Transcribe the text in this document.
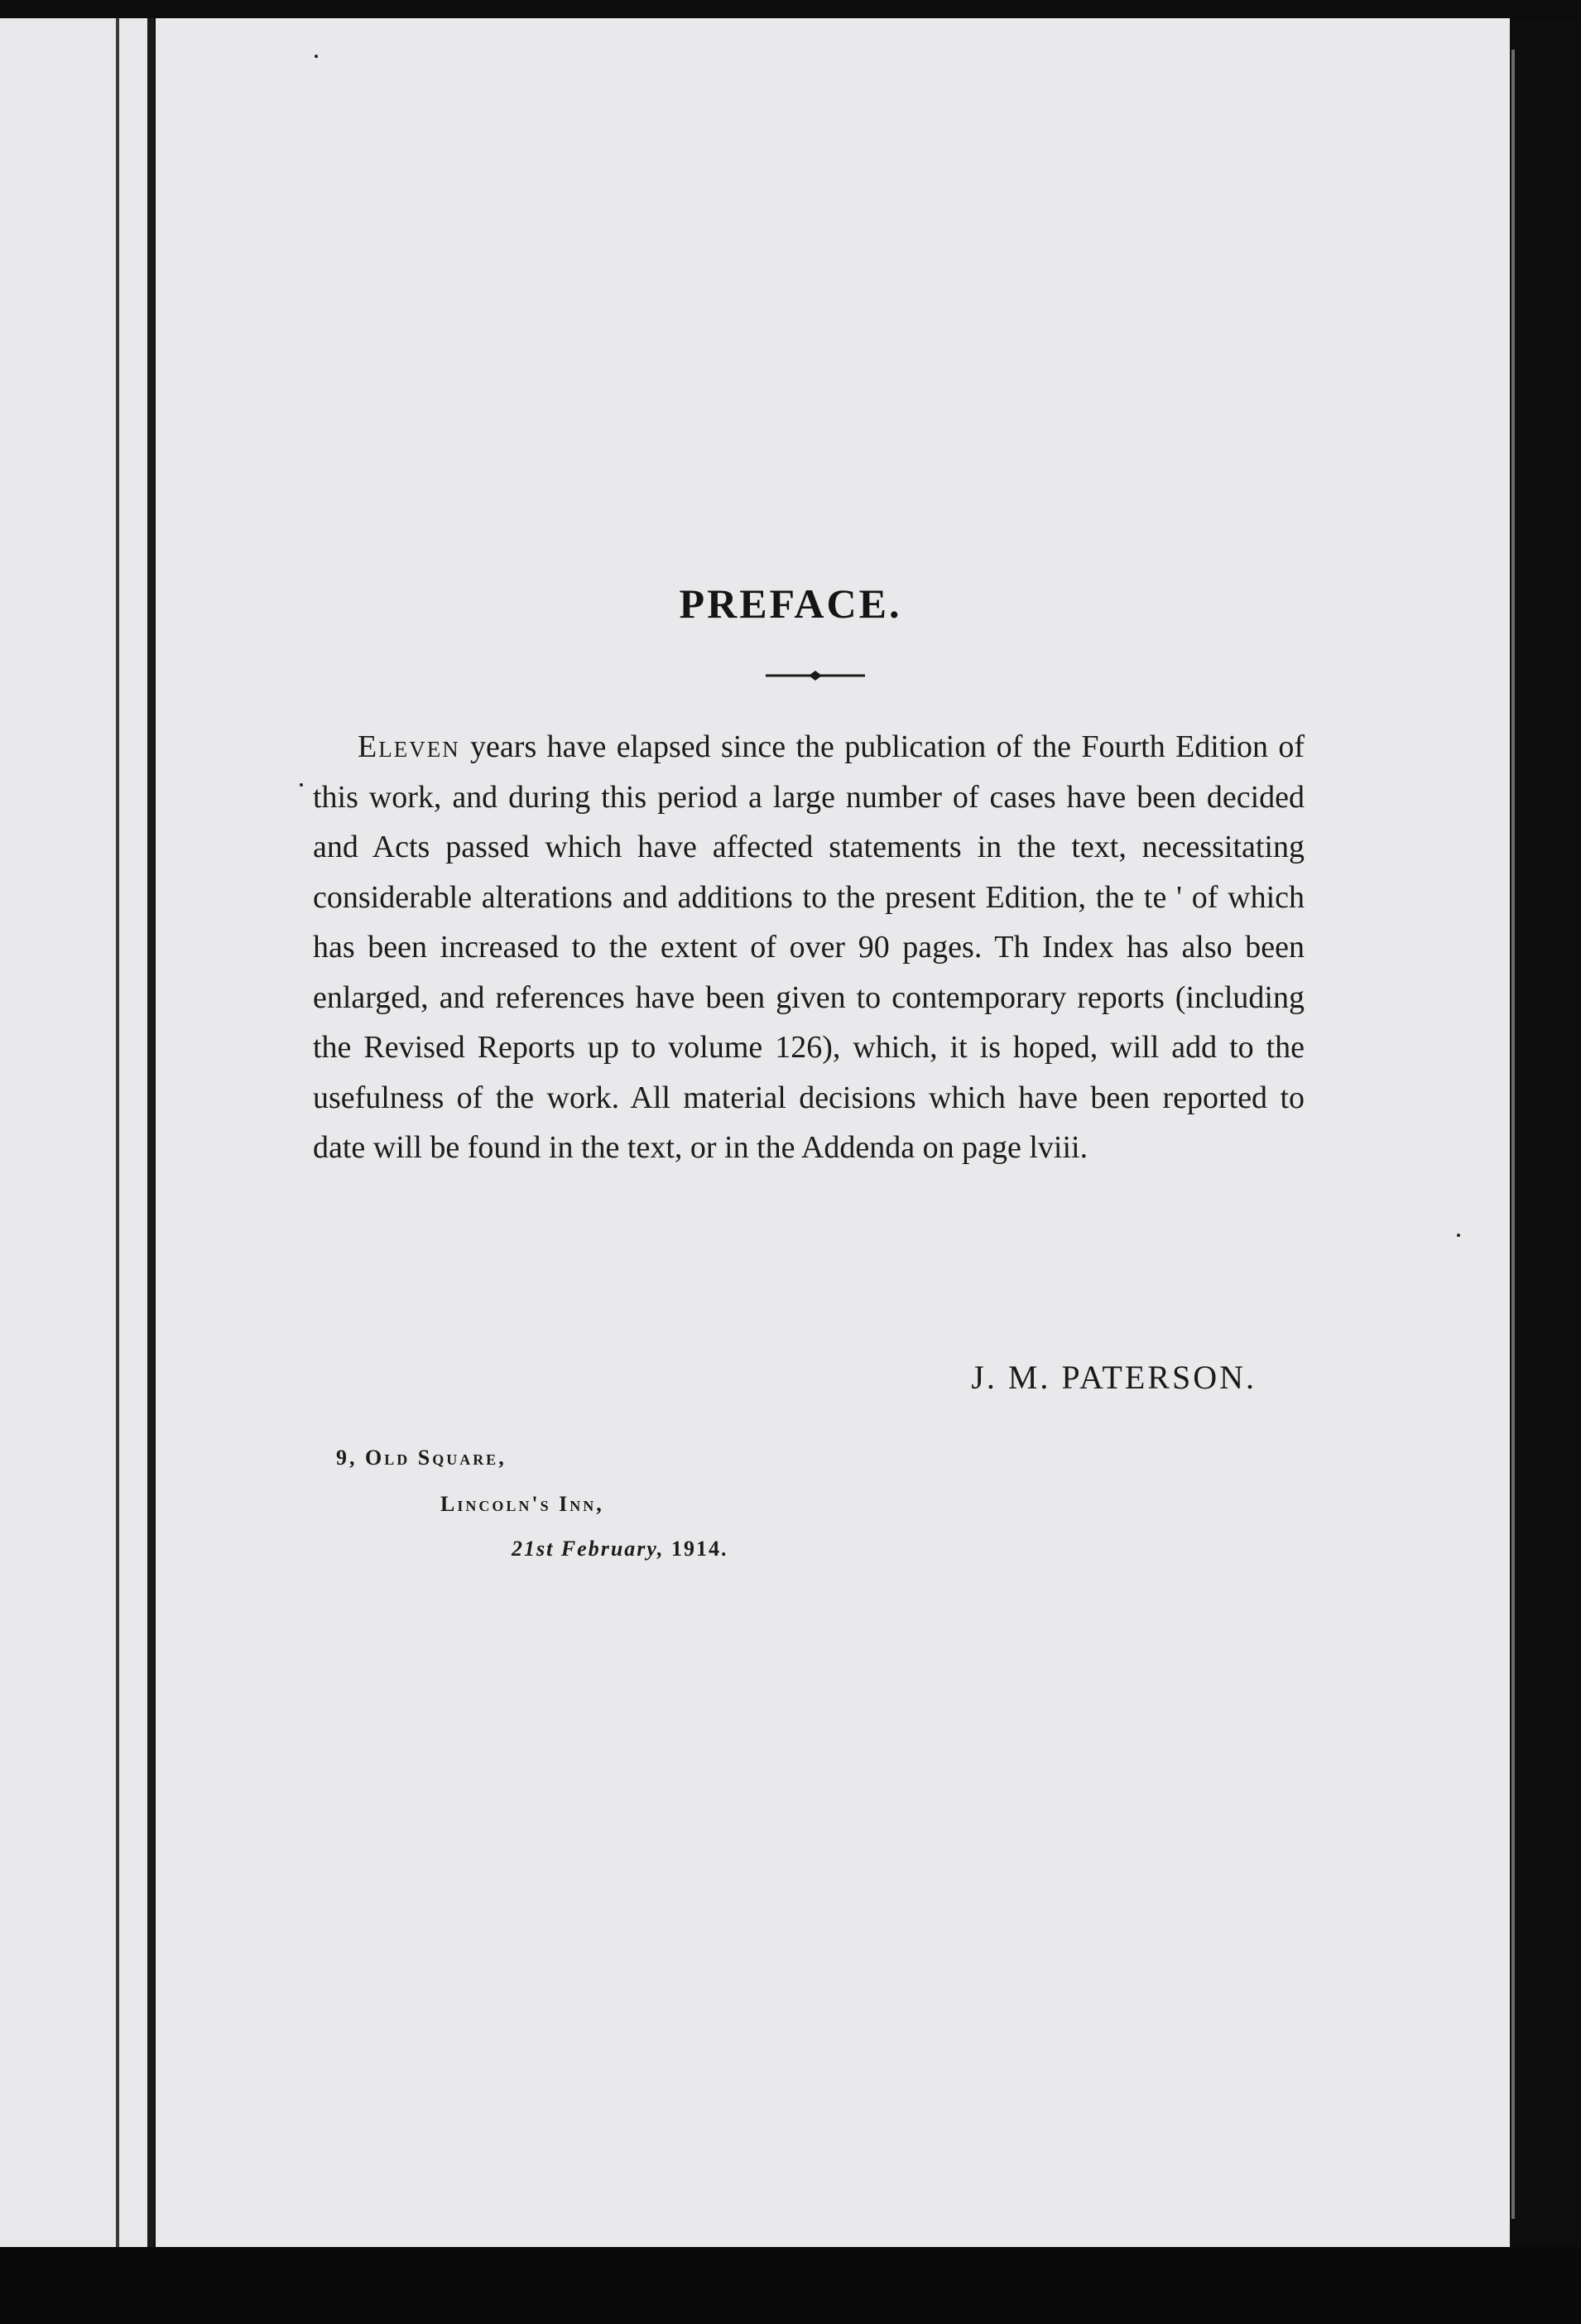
PREFACE.

Eleven years have elapsed since the publication of the Fourth Edition of this work, and during this period a large number of cases have been decided and Acts passed which have affected statements in the text, necessitating considerable alterations and additions to the present Edition, the te ' of which has been increased to the extent of over 90 pages. Th Index has also been enlarged, and references have been given to contemporary reports (including the Revised Reports up to volume 126), which, it is hoped, will add to the usefulness of the work. All material decisions which have been reported to date will be found in the text, or in the Addenda on page lviii.

J. M. PATERSON.
9, Old Square,
Lincoln's Inn,
21st February, 1914.
